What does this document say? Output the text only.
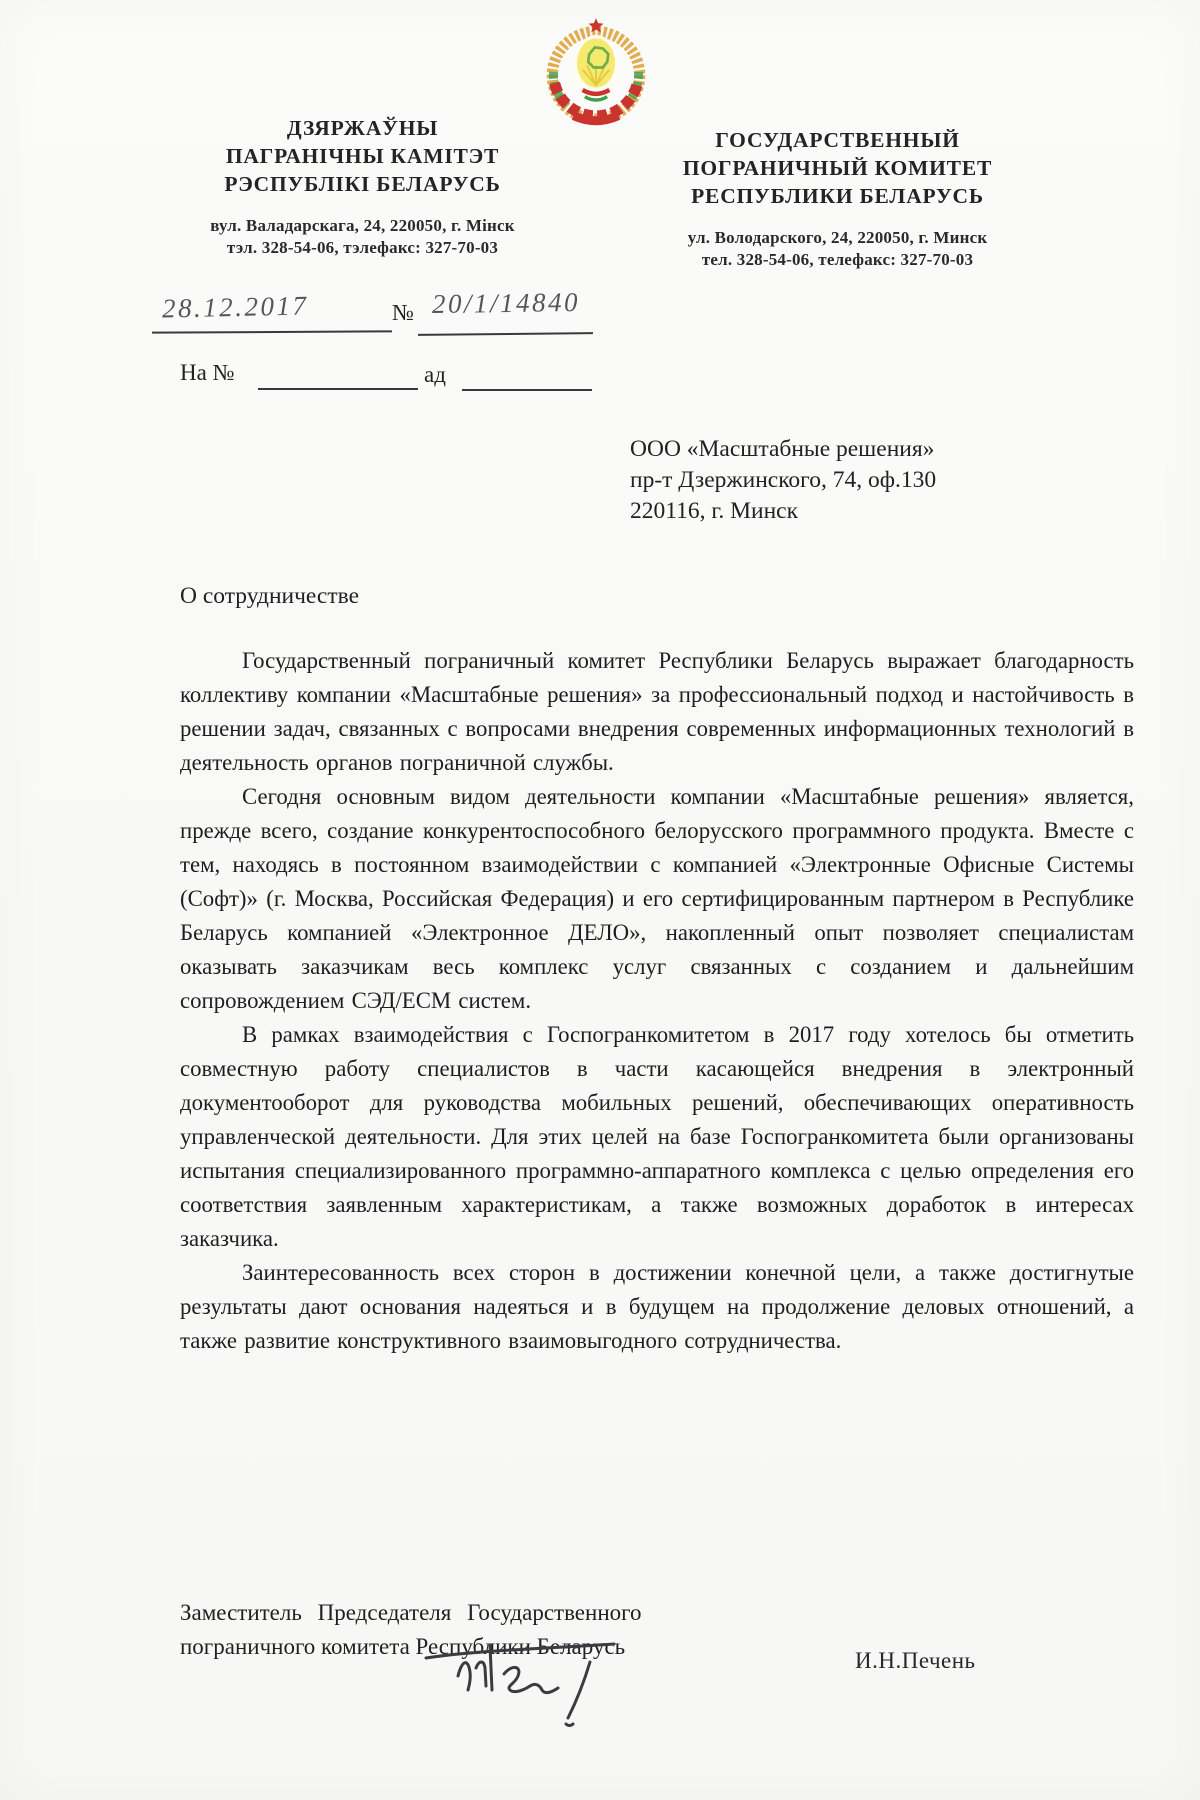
ДЗЯРЖАЎНЫ
ПАГРАНІЧНЫ КАМІТЭТ
РЭСПУБЛІКІ БЕЛАРУСЬ
вул. Валадарскага, 24, 220050, г. Мінск
тэл. 328-54-06, тэлефакс: 327-70-03
ГОСУДАРСТВЕННЫЙ
ПОГРАНИЧНЫЙ КОМИТЕТ
РЕСПУБЛИКИ БЕЛАРУСЬ
ул. Володарского, 24, 220050, г. Минск
тел. 328-54-06, телефакс: 327-70-03
28.12.2017	№ 20/1/14840
На №	ад
ООО «Масштабные решения»
пр-т Дзержинского, 74, оф.130
220116, г. Минск
О сотрудничестве

Государственный пограничный комитет Республики Беларусь выражает благодарность коллективу компании «Масштабные решения» за профессиональный подход и настойчивость в решении задач, связанных с вопросами внедрения современных информационных технологий в деятельность органов пограничной службы.

Сегодня основным видом деятельности компании «Масштабные решения» является, прежде всего, создание конкурентоспособного белорусского программного продукта. Вместе с тем, находясь в постоянном взаимодействии с компанией «Электронные Офисные Системы (Софт)» (г. Москва, Российская Федерация) и его сертифицированным партнером в Республике Беларусь компанией «Электронное ДЕЛО», накопленный опыт позволяет специалистам оказывать заказчикам весь комплекс услуг связанных с созданием и дальнейшим сопровождением СЭД/ЕСМ систем.

В рамках взаимодействия с Госпогранкомитетом в 2017 году хотелось бы отметить совместную работу специалистов в части касающейся внедрения в электронный документооборот для руководства мобильных решений, обеспечивающих оперативность управленческой деятельности. Для этих целей на базе Госпогранкомитета были организованы испытания специализированного программно-аппаратного комплекса с целью определения его соответствия заявленным характеристикам, а также возможных доработок в интересах заказчика.

Заинтересованность всех сторон в достижении конечной цели, а также достигнутые результаты дают основания надеяться и в будущем на продолжение деловых отношений, а также развитие конструктивного взаимовыгодного сотрудничества.

Заместитель Председателя Государственного
пограничного комитета Республики Беларусь
И.Н.Печень
